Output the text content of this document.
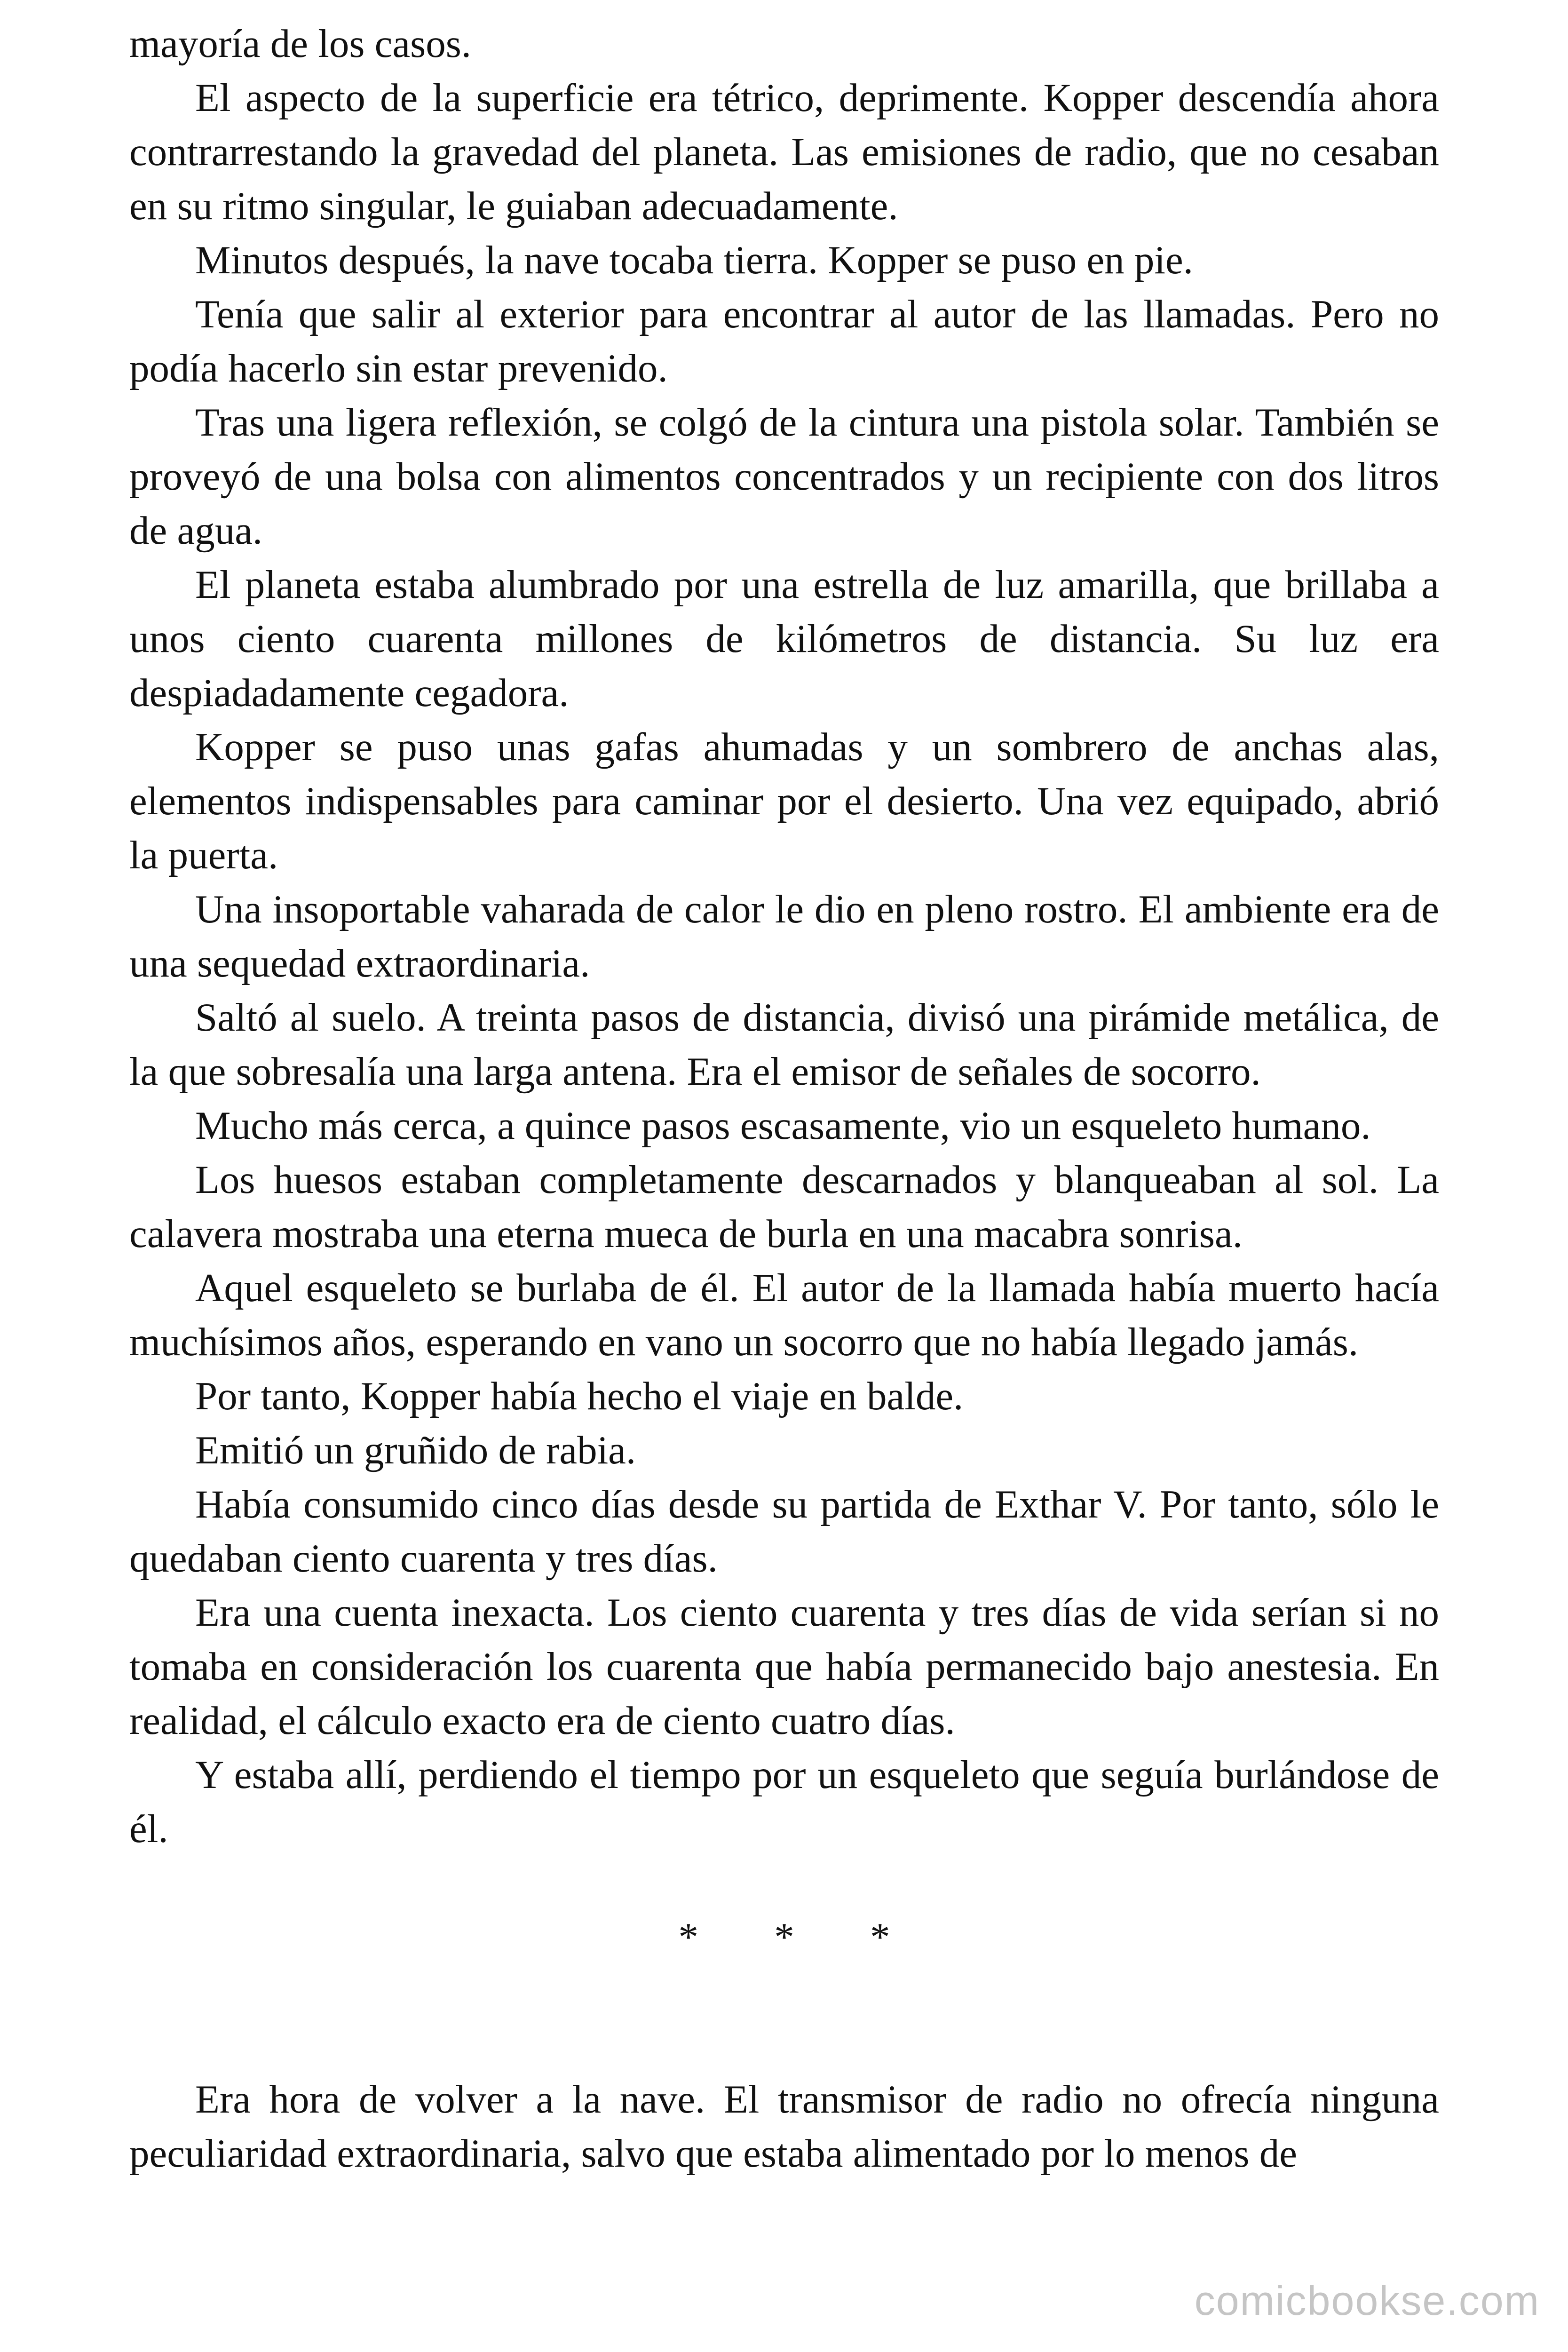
mayoría de los casos.

El aspecto de la superficie era tétrico, deprimente. Kopper descendía ahora contrarrestando la gravedad del planeta. Las emisiones de radio, que no cesaban en su ritmo singular, le guiaban adecuadamente.

Minutos después, la nave tocaba tierra. Kopper se puso en pie.

Tenía que salir al exterior para encontrar al autor de las llamadas. Pero no podía hacerlo sin estar prevenido.

Tras una ligera reflexión, se colgó de la cintura una pistola solar. También se proveyó de una bolsa con alimentos concentrados y un recipiente con dos litros de agua.

El planeta estaba alumbrado por una estrella de luz amarilla, que brillaba a unos ciento cuarenta millones de kilómetros de distancia. Su luz era despiadadamente cegadora.

Kopper se puso unas gafas ahumadas y un sombrero de anchas alas, elementos indispensables para caminar por el desierto. Una vez equipado, abrió la puerta.

Una insoportable vaharada de calor le dio en pleno rostro. El ambiente era de una sequedad extraordinaria.

Saltó al suelo. A treinta pasos de distancia, divisó una pirámide metálica, de la que sobresalía una larga antena. Era el emisor de señales de socorro.

Mucho más cerca, a quince pasos escasamente, vio un esqueleto humano.

Los huesos estaban completamente descarnados y blanqueaban al sol. La calavera mostraba una eterna mueca de burla en una macabra sonrisa.

Aquel esqueleto se burlaba de él. El autor de la llamada había muerto hacía muchísimos años, esperando en vano un socorro que no había llegado jamás.

Por tanto, Kopper había hecho el viaje en balde.

Emitió un gruñido de rabia.

Había consumido cinco días desde su partida de Exthar V. Por tanto, sólo le quedaban ciento cuarenta y tres días.

Era una cuenta inexacta. Los ciento cuarenta y tres días de vida serían si no tomaba en consideración los cuarenta que había permanecido bajo anestesia. En realidad, el cálculo exacto era de ciento cuatro días.

Y estaba allí, perdiendo el tiempo por un esqueleto que seguía burlándose de él.

* * *

Era hora de volver a la nave. El transmisor de radio no ofrecía ninguna peculiaridad extraordinaria, salvo que estaba alimentado por lo menos de

comicbookse.com
